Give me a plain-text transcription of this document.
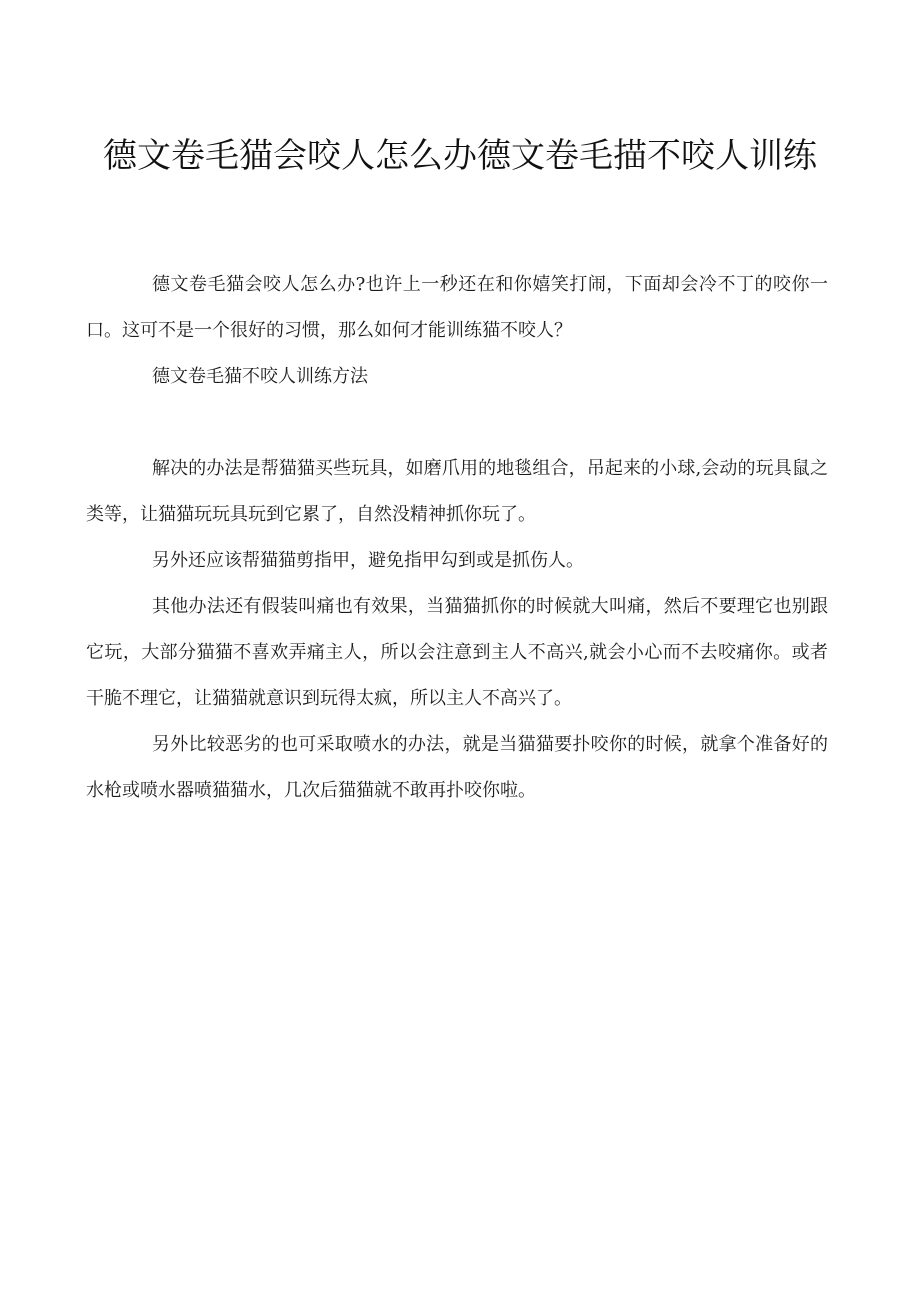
德文卷毛猫会咬人怎么办德文卷毛描不咬人训练

德文卷毛猫会咬人怎么办?也许上一秒还在和你嬉笑打闹，下面却会冷不丁的咬你一口。这可不是一个很好的习惯，那么如何才能训练猫不咬人？

德文卷毛猫不咬人训练方法

解决的办法是帮猫猫买些玩具，如磨爪用的地毯组合，吊起来的小球,会动的玩具鼠之类等，让猫猫玩玩具玩到它累了，自然没精神抓你玩了。

另外还应该帮猫猫剪指甲，避免指甲勾到或是抓伤人。

其他办法还有假装叫痛也有效果，当猫猫抓你的时候就大叫痛，然后不要理它也别跟它玩，大部分猫猫不喜欢弄痛主人，所以会注意到主人不高兴,就会小心而不去咬痛你。或者干脆不理它，让猫猫就意识到玩得太疯，所以主人不高兴了。

另外比较恶劣的也可采取喷水的办法，就是当猫猫要扑咬你的时候，就拿个准备好的水枪或喷水器喷猫猫水，几次后猫猫就不敢再扑咬你啦。
